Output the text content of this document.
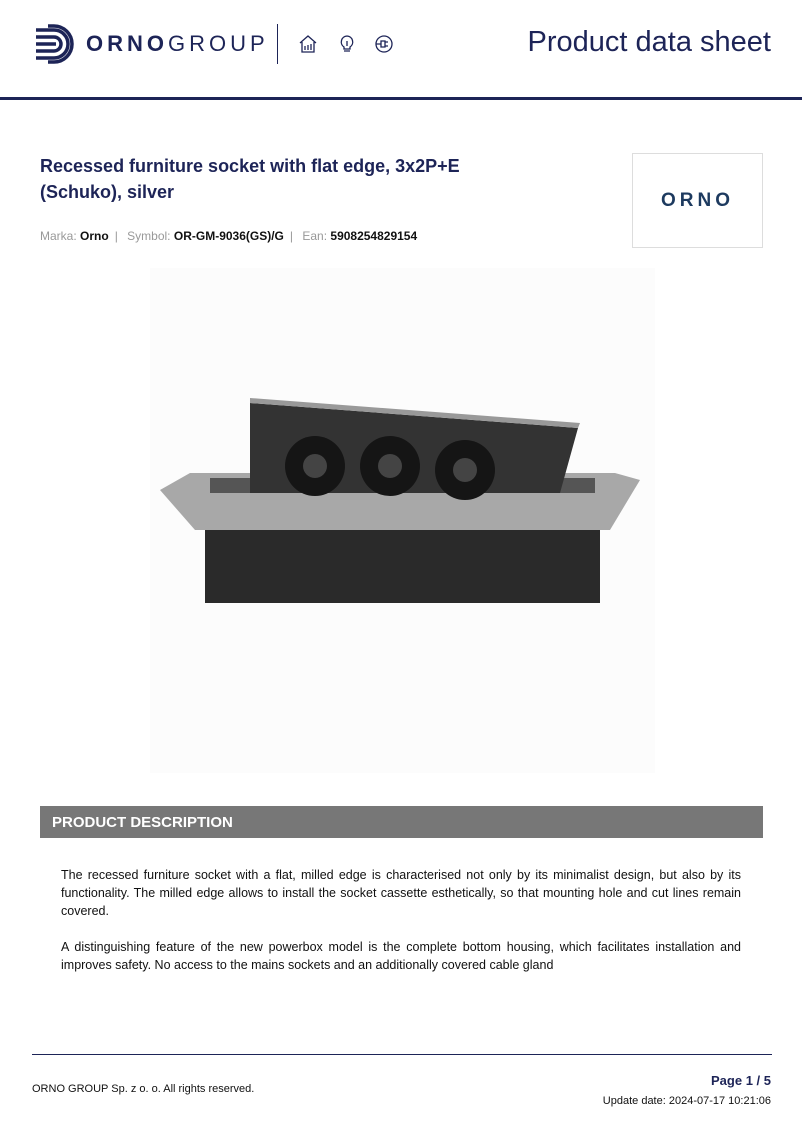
ORNOGROUP	Product data sheet
Recessed furniture socket with flat edge, 3x2P+E (Schuko), silver
Marka: Orno | Symbol: OR-GM-9036(GS)/G | Ean: 5908254829154
ORNO
PRODUCT DESCRIPTION

The recessed furniture socket with a flat, milled edge is characterised not only by its minimalist design, but also by its functionality. The milled edge allows to install the socket cassette esthetically, so that mounting hole and cut lines remain covered.

A distinguishing feature of the new powerbox model is the complete bottom housing, which facilitates installation and improves safety. No access to the mains sockets and an additionally covered cable gland

ORNO GROUP Sp. z o. o. All rights reserved.
Page 1 / 5
Update date: 2024-07-17 10:21:06
